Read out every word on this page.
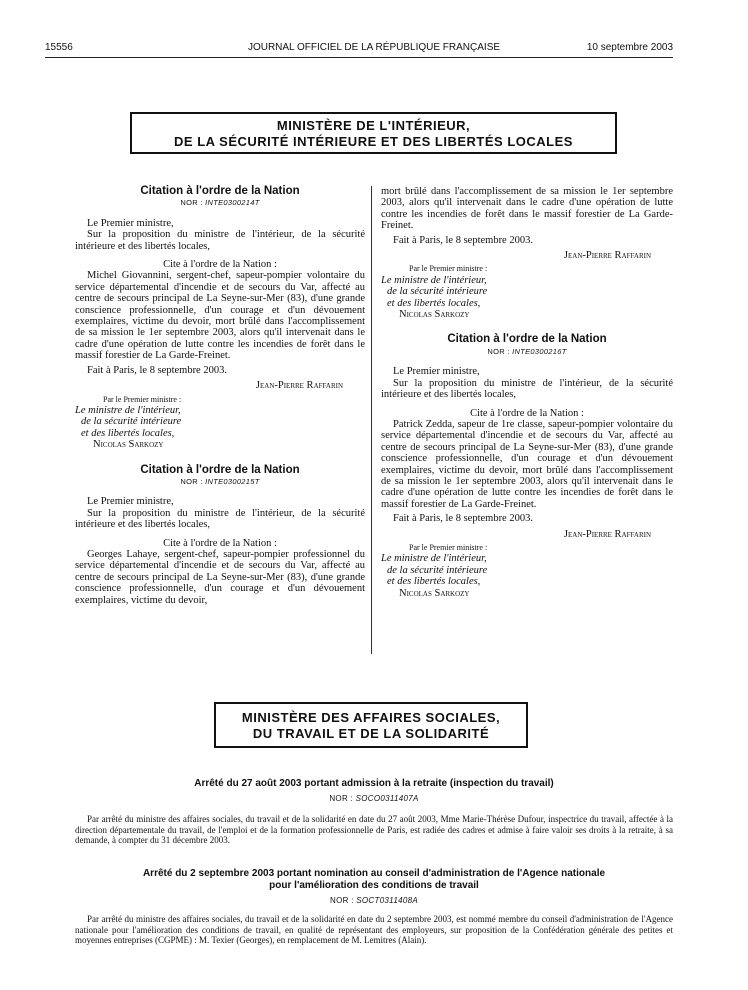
15556	JOURNAL OFFICIEL DE LA RÉPUBLIQUE FRANÇAISE	10 septembre 2003
MINISTÈRE DE L'INTÉRIEUR,
DE LA SÉCURITÉ INTÉRIEURE ET DES LIBERTÉS LOCALES
Citation à l'ordre de la Nation
NOR : INTE0300214T

Le Premier ministre,

Sur la proposition du ministre de l'intérieur, de la sécurité intérieure et des libertés locales,

Cite à l'ordre de la Nation :

Michel Giovannini, sergent-chef, sapeur-pompier volontaire du service départemental d'incendie et de secours du Var, affecté au centre de secours principal de La Seyne-sur-Mer (83), d'une grande conscience professionnelle, d'un courage et d'un dévouement exemplaires, victime du devoir, mort brûlé dans l'accomplissement de sa mission le 1er septembre 2003, alors qu'il intervenait dans le cadre d'une opération de lutte contre les incendies de forêt dans le massif forestier de La Garde-Freinet.

Fait à Paris, le 8 septembre 2003.

Jean-Pierre Raffarin

Par le Premier ministre :

Le ministre de l'intérieur,

de la sécurité intérieure

et des libertés locales,

Nicolas Sarkozy

Citation à l'ordre de la Nation
NOR : INTE0300215T

Le Premier ministre,

Sur la proposition du ministre de l'intérieur, de la sécurité intérieure et des libertés locales,

Cite à l'ordre de la Nation :

Georges Lahaye, sergent-chef, sapeur-pompier professionnel du service départemental d'incendie et de secours du Var, affecté au centre de secours principal de La Seyne-sur-Mer (83), d'une grande conscience professionnelle, d'un courage et d'un dévouement exemplaires, victime du devoir,

mort brûlé dans l'accomplissement de sa mission le 1er septembre 2003, alors qu'il intervenait dans le cadre d'une opération de lutte contre les incendies de forêt dans le massif forestier de La Garde-Freinet.

Fait à Paris, le 8 septembre 2003.

Jean-Pierre Raffarin

Par le Premier ministre :

Le ministre de l'intérieur,

de la sécurité intérieure

et des libertés locales,

Nicolas Sarkozy

Citation à l'ordre de la Nation
NOR : INTE0300216T

Le Premier ministre,

Sur la proposition du ministre de l'intérieur, de la sécurité intérieure et des libertés locales,

Cite à l'ordre de la Nation :

Patrick Zedda, sapeur de 1re classe, sapeur-pompier volontaire du service départemental d'incendie et de secours du Var, affecté au centre de secours principal de La Seyne-sur-Mer (83), d'une grande conscience professionnelle, d'un courage et d'un dévouement exemplaires, victime du devoir, mort brûlé dans l'accomplissement de sa mission le 1er septembre 2003, alors qu'il intervenait dans le cadre d'une opération de lutte contre les incendies de forêt dans le massif forestier de La Garde-Freinet.

Fait à Paris, le 8 septembre 2003.

Jean-Pierre Raffarin

Par le Premier ministre :

Le ministre de l'intérieur,

de la sécurité intérieure

et des libertés locales,

Nicolas Sarkozy

MINISTÈRE DES AFFAIRES SOCIALES,
DU TRAVAIL ET DE LA SOLIDARITÉ
Arrêté du 27 août 2003 portant admission à la retraite (inspection du travail)
NOR : SOCO0311407A

Par arrêté du ministre des affaires sociales, du travail et de la solidarité en date du 27 août 2003, Mme Marie-Thérèse Dufour, inspectrice du travail, affectée à la direction départementale du travail, de l'emploi et de la formation professionnelle de Paris, est radiée des cadres et admise à faire valoir ses droits à la retraite, à sa demande, à compter du 31 décembre 2003.

Arrêté du 2 septembre 2003 portant nomination au conseil d'administration de l'Agence nationale
pour l'amélioration des conditions de travail
NOR : SOCT0311408A

Par arrêté du ministre des affaires sociales, du travail et de la solidarité en date du 2 septembre 2003, est nommé membre du conseil d'administration de l'Agence nationale pour l'amélioration des conditions de travail, en qualité de représentant des employeurs, sur proposition de la Confédération générale des petites et moyennes entreprises (CGPME) : M. Texier (Georges), en remplacement de M. Lemitres (Alain).
